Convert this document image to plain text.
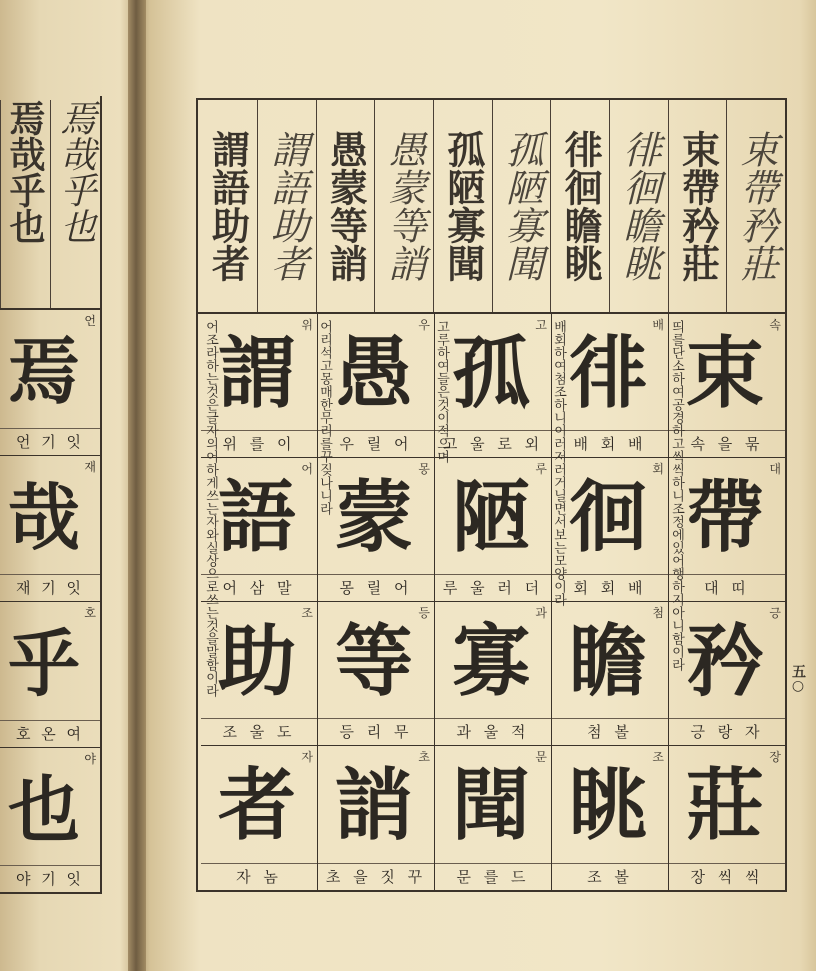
焉哉乎也 焉哉乎也
언
焉
언 기 잇
재
哉
재 기 잇
호
乎
호 온 여
야
也
야 기 잇
束帶矜莊
束帶矜莊
徘徊瞻眺
徘徊瞻眺
孤陋寡聞
孤陋寡聞
愚蒙等誚
愚蒙等誚
謂語助者
謂語助者
속
束
속 을 묶
대
帶
대 띠
긍
矜
긍 랑 자
장
莊
장 씩 씩
배
徘
배 회 배
회
徊
회 회 배
첨
瞻
첨 볼
조
眺
조 볼
고
孤
고 울 로 외
루
陋
루 울 러 더
과
寡
과 울 적
문
聞
문 를 드
우
愚
우 릴 어
몽
蒙
몽 릴 어
등
等
등 리 무
초
誚
초 을 짓 꾸
위
謂
위 를 이
어
語
어 삼 말
조
助
조 울 도
자
者
자 놈
띄를단소하여공경하고씩씩하니조정에있어행하지아니함이라
배회하여첨조하니이러저러거닐면서보는모양이라
고루하여들은것이적으며
어리석고몽매한무리를꾸짖나니라
어조라하는것은글자의어하게쓰는자와실상으로쓰는것을말함이라	五○
